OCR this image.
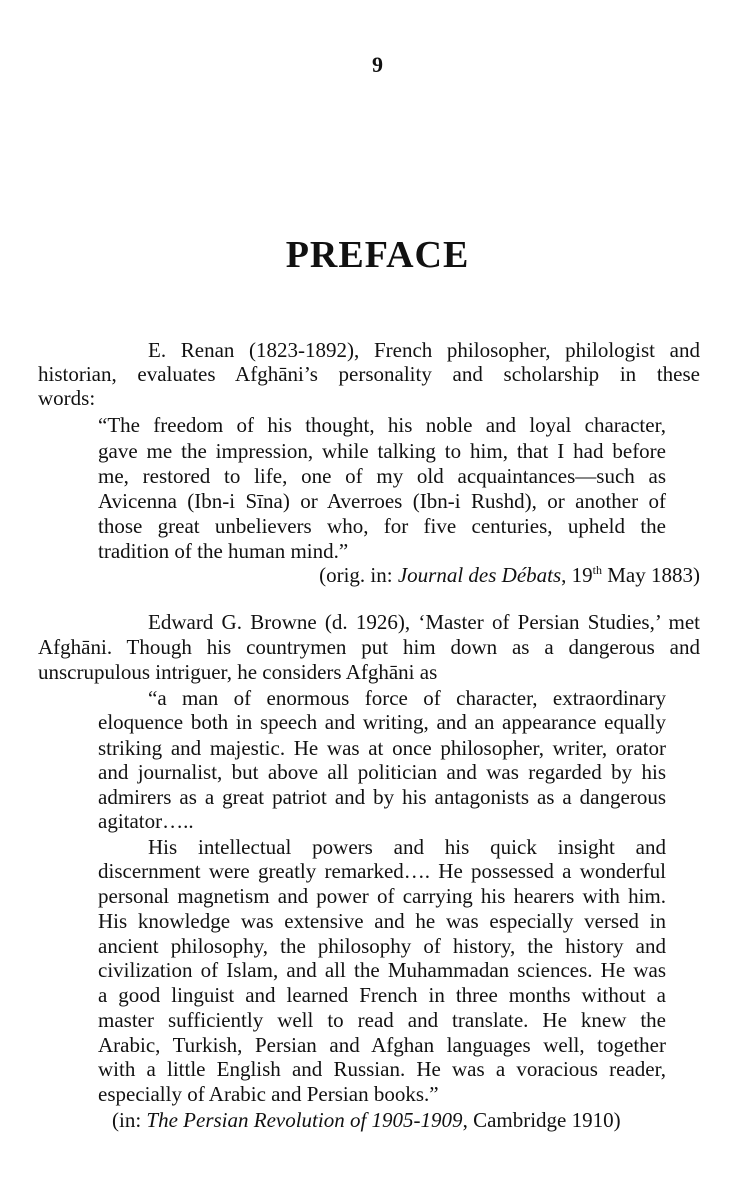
9
PREFACE
E. Renan (1823-1892), French philosopher, philologist and
historian, evaluates Afghāni’s personality and scholarship in these
words:
“The freedom of his thought, his noble and loyal character,
gave me the impression, while talking to him, that I had before
me, restored to life, one of my old acquaintances—such as
Avicenna (Ibn-i Sīna) or Averroes (Ibn-i Rushd), or another of
those great unbelievers who, for five centuries, upheld the
tradition of the human mind.”
(orig. in: Journal des Débats, 19th May 1883)
Edward G. Browne (d. 1926), ‘Master of Persian Studies,’ met
Afghāni. Though his countrymen put him down as a dangerous and
unscrupulous intriguer, he considers Afghāni as
“a man of enormous force of character, extraordinary
eloquence both in speech and writing, and an appearance equally
striking and majestic. He was at once philosopher, writer, orator
and journalist, but above all politician and was regarded by his
admirers as a great patriot and by his antagonists as a dangerous
agitator…..
His intellectual powers and his quick insight and
discernment were greatly remarked…. He possessed a wonderful
personal magnetism and power of carrying his hearers with him.
His knowledge was extensive and he was especially versed in
ancient philosophy, the philosophy of history, the history and
civilization of Islam, and all the Muhammadan sciences. He was
a good linguist and learned French in three months without a
master sufficiently well to read and translate. He knew the
Arabic, Turkish, Persian and Afghan languages well, together
with a little English and Russian. He was a voracious reader,
especially of Arabic and Persian books.”
(in: The Persian Revolution of 1905-1909, Cambridge 1910)
